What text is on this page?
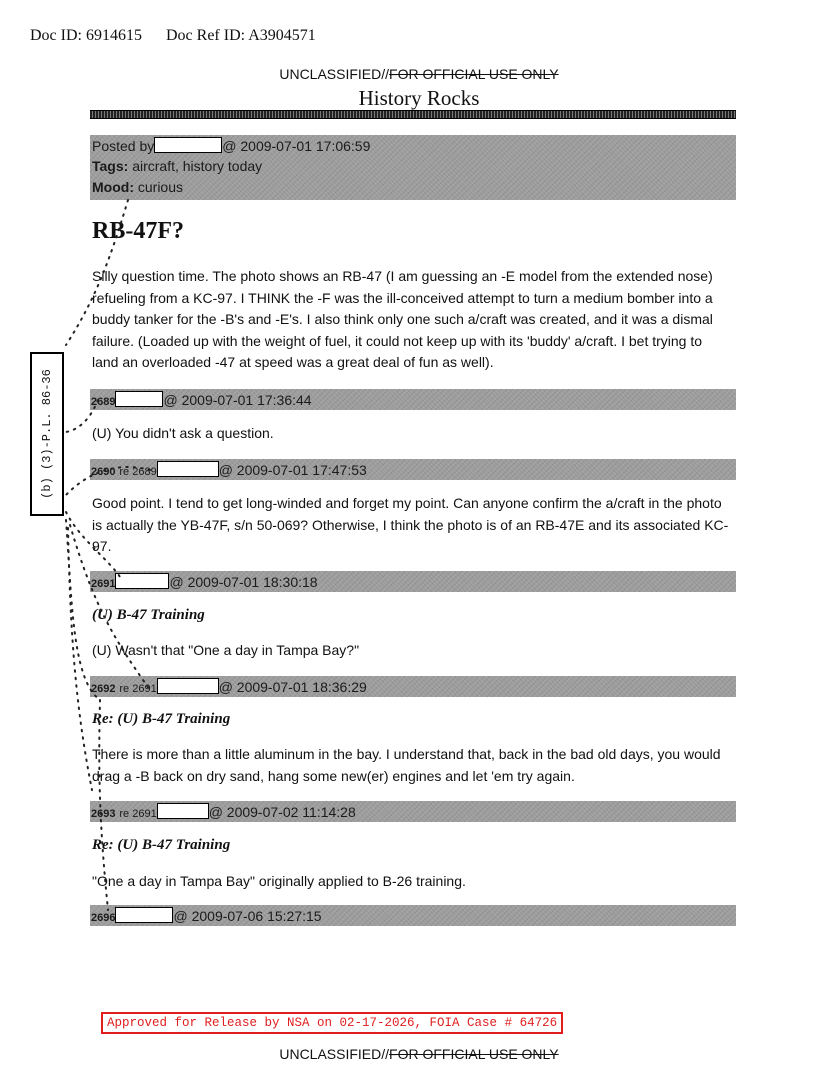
Doc ID: 6914615 Doc Ref ID: A3904571
UNCLASSIFIED//FOR OFFICIAL USE ONLY
History Rocks
Posted by	@ 2009-07-01 17:06:59
Tags: aircraft, history today
Mood: curious
RB-47F?
Silly question time. The photo shows an RB-47 (I am guessing an -E model from the extended nose) refueling from a KC-97. I THINK the -F was the ill-conceived attempt to turn a medium bomber into a buddy tanker for the -B's and -E's. I also think only one such a/craft was created, and it was a dismal failure. (Loaded up with the weight of fuel, it could not keep up with its 'buddy' a/craft. I bet trying to land an overloaded -47 at speed was a great deal of fun as well).
2689	@ 2009-07-01 17:36:44
(U) You didn't ask a question.
2690 re 2689	@ 2009-07-01 17:47:53
Good point. I tend to get long-winded and forget my point. Can anyone confirm the a/craft in the photo is actually the YB-47F, s/n 50-069? Otherwise, I think the photo is of an RB-47E and its associated KC-97.
2691	@ 2009-07-01 18:30:18
(U) B-47 Training
(U) Wasn't that "One a day in Tampa Bay?"
2692 re 2691	@ 2009-07-01 18:36:29
Re: (U) B-47 Training
There is more than a little aluminum in the bay. I understand that, back in the bad old days, you would drag a -B back on dry sand, hang some new(er) engines and let 'em try again.
2693 re 2691	@ 2009-07-02 11:14:28
Re: (U) B-47 Training
"One a day in Tampa Bay" originally applied to B-26 training.
2696	@ 2009-07-06 15:27:15
(b) (3)-P.L. 86-36
Approved for Release by NSA on 02-17-2026, FOIA Case # 64726
UNCLASSIFIED//FOR OFFICIAL USE ONLY
